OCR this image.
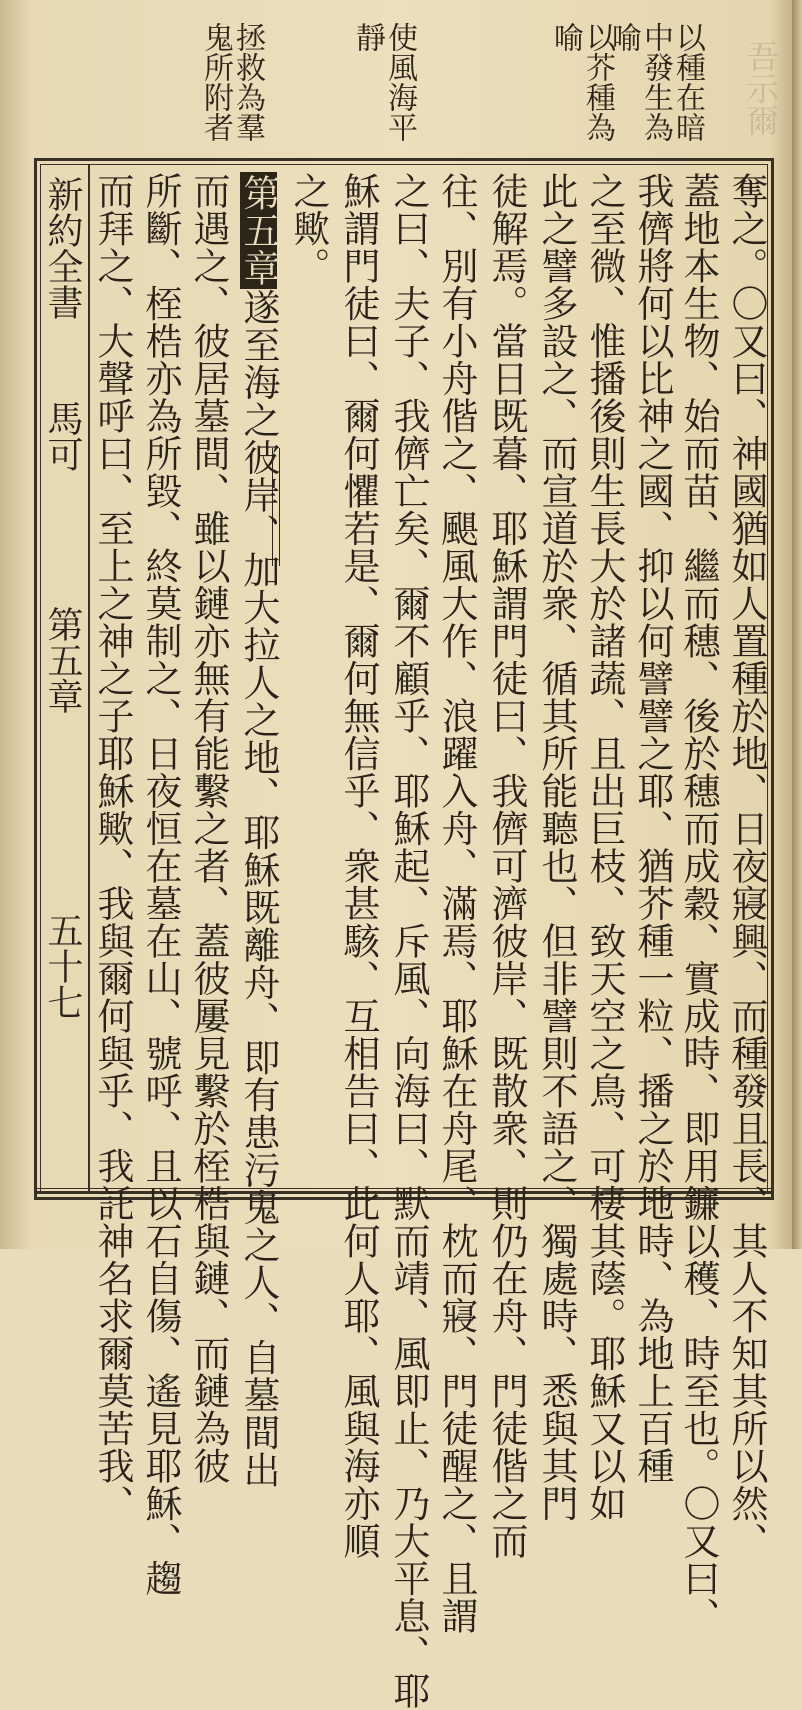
吾示爾
以種在暗
中發生為
喻
以芥種為
喻
使風海平
靜
拯救為羣
鬼所附者
奪之。〇又曰、神國猶如人置種於地、日夜寢興、而種發且長、其人不知其所以然、
蓋地本生物、始而苗、繼而穗、後於穗而成穀、實成時、即用鐮以穫、時至也。〇又曰、
我儕將何以比神之國、抑以何譬譬之耶、猶芥種一粒、播之於地時、為地上百種
之至微、惟播後則生長大於諸蔬、且出巨枝、致天空之鳥、可棲其蔭。耶穌又以如
此之譬多設之、而宣道於衆、循其所能聽也、但非譬則不語之、獨處時、悉與其門
徒解焉。當日既暮、耶穌謂門徒曰、我儕可濟彼岸、既散衆、則仍在舟、門徒偕之而
往、別有小舟偕之、颶風大作、浪躍入舟、滿焉、耶穌在舟尾、枕而寢、門徒醒之、且謂
之曰、夫子、我儕亡矣、爾不顧乎、耶穌起、斥風、向海曰、默而靖、風即止、乃大平息、耶
穌謂門徒曰、爾何懼若是、爾何無信乎、衆甚駭、互相告曰、此何人耶、風與海亦順
之歟。
第五章遂至海之彼岸、加大拉人之地、耶穌既離舟、即有患污鬼之人、自墓間出
而遇之、彼居墓間、雖以鏈亦無有能繫之者、蓋彼屢見繫於桎梏與鏈、而鏈為彼
所斷、桎梏亦為所毀、終莫制之、日夜恒在墓在山、號呼、且以石自傷、遙見耶穌、趨
而拜之、大聲呼曰、至上之神之子耶穌歟、我與爾何與乎、我託神名求爾莫苦我、
新約全書
馬可
第五章
五十七
